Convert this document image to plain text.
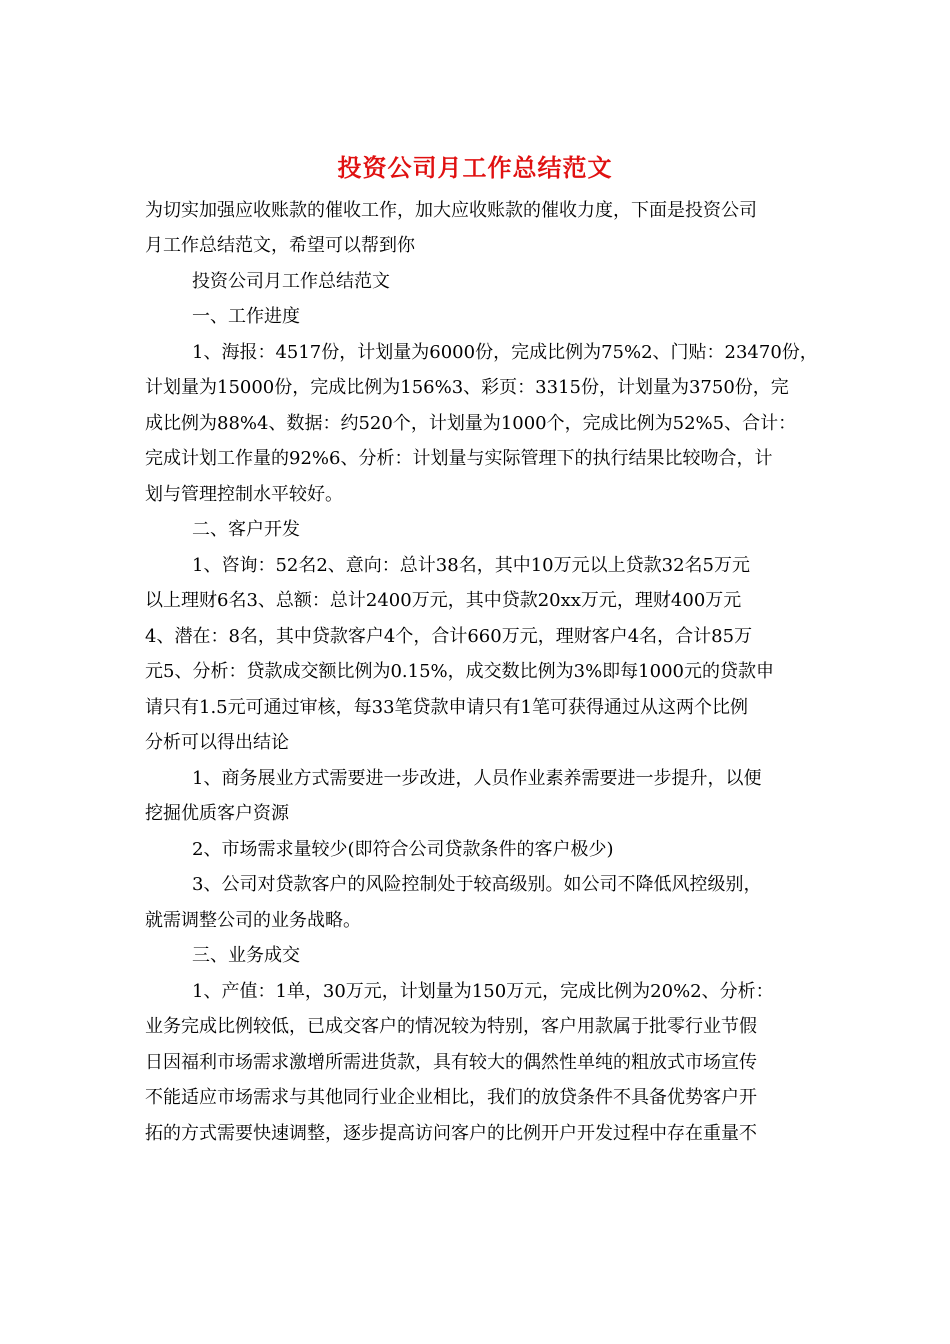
投资公司月工作总结范文
为切实加强应收账款的催收工作，加大应收账款的催收力度，下面是投资公司
月工作总结范文，希望可以帮到你
投资公司月工作总结范文
一、工作进度
1、海报：4517份，计划量为6000份，完成比例为75%2、门贴：23470份，
计划量为15000份，完成比例为156%3、彩页：3315份，计划量为3750份，完
成比例为88%4、数据：约520个，计划量为1000个，完成比例为52%5、合计：
完成计划工作量的92%6、分析：计划量与实际管理下的执行结果比较吻合，计
划与管理控制水平较好。
二、客户开发
1、咨询：52名2、意向：总计38名，其中10万元以上贷款32名5万元
以上理财6名3、总额：总计2400万元，其中贷款20xx万元，理财400万元
4、潜在：8名，其中贷款客户4个，合计660万元，理财客户4名，合计85万
元5、分析：贷款成交额比例为0.15%，成交数比例为3%即每1000元的贷款申
请只有1.5元可通过审核，每33笔贷款申请只有1笔可获得通过从这两个比例
分析可以得出结论
1、商务展业方式需要进一步改进，人员作业素养需要进一步提升，以便
挖掘优质客户资源
2、市场需求量较少(即符合公司贷款条件的客户极少)
3、公司对贷款客户的风险控制处于较高级别。如公司不降低风控级别，
就需调整公司的业务战略。
三、业务成交
1、产值：1单，30万元，计划量为150万元，完成比例为20%2、分析：
业务完成比例较低，已成交客户的情况较为特别，客户用款属于批零行业节假
日因福利市场需求激增所需进货款，具有较大的偶然性单纯的粗放式市场宣传
不能适应市场需求与其他同行业企业相比，我们的放贷条件不具备优势客户开
拓的方式需要快速调整，逐步提高访问客户的比例开户开发过程中存在重量不
